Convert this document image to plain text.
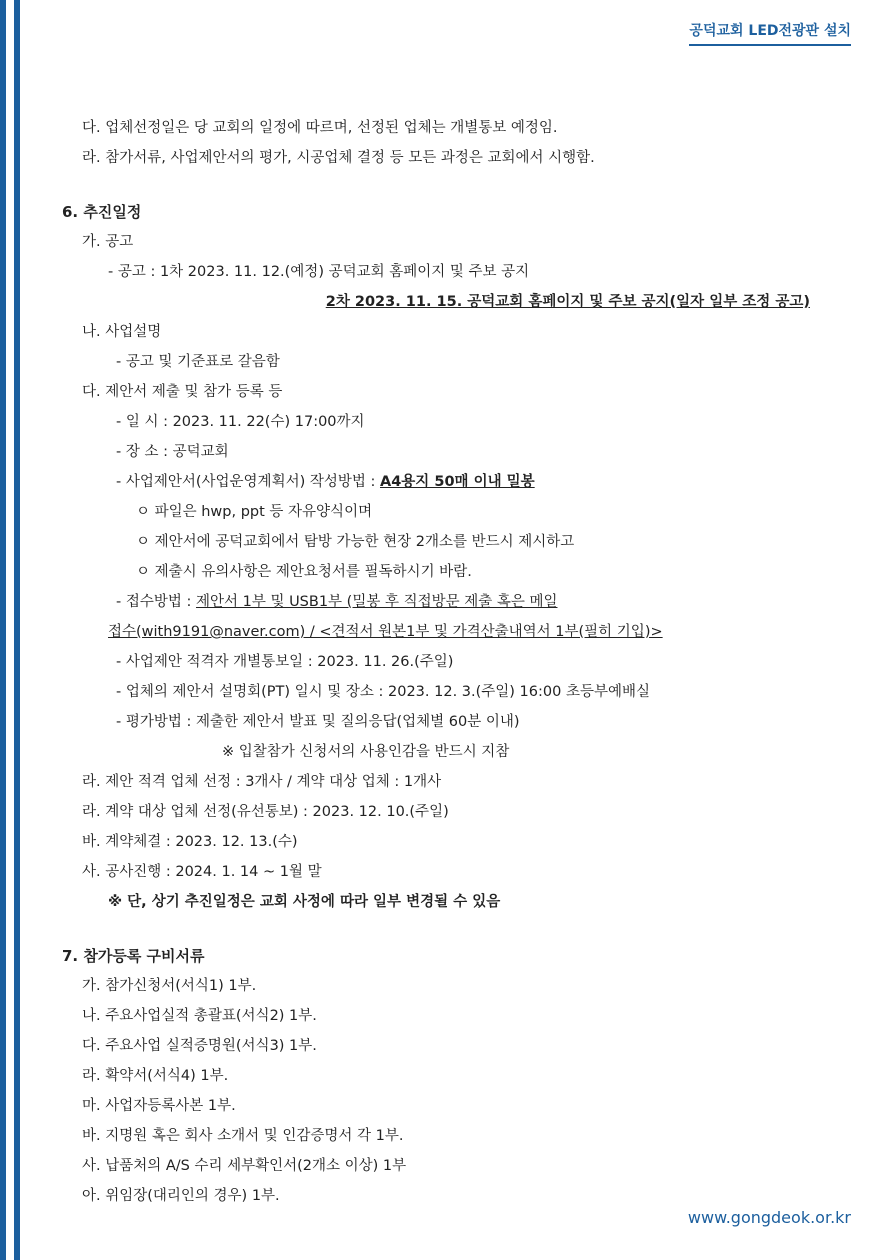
공덕교회 LED전광판 설치
다. 업체선정일은 당 교회의 일정에 따르며, 선정된 업체는 개별통보 예정임.
라. 참가서류, 사업제안서의 평가, 시공업체 결정 등 모든 과정은 교회에서 시행함.
6. 추진일정
가. 공고
- 공고 : 1차 2023. 11. 12.(예정) 공덕교회 홈페이지 및 주보 공지
2차 2023. 11. 15. 공덕교회 홈페이지 및 주보 공지(일자 일부 조정 공고)
나. 사업설명
- 공고 및 기준표로 갈음함
다. 제안서 제출 및 참가 등록 등
- 일 시 : 2023. 11. 22(수) 17:00까지
- 장 소 : 공덕교회
- 사업제안서(사업운영계획서) 작성방법 : A4용지 50매 이내 밀봉
ㅇ 파일은 hwp, ppt 등 자유양식이며
ㅇ 제안서에 공덕교회에서 탐방 가능한 현장 2개소를 반드시 제시하고
ㅇ 제출시 유의사항은 제안요청서를 필독하시기 바람.
- 접수방법 : 제안서 1부 및 USB1부 (밀봉 후 직접방문 제출 혹은 메일
접수(with9191@naver.com) / <견적서 원본1부 및 가격산출내역서 1부(필히 기입)>
- 사업제안 적격자 개별통보일 : 2023. 11. 26.(주일)
- 업체의 제안서 설명회(PT) 일시 및 장소 : 2023. 12. 3.(주일) 16:00 초등부예배실
- 평가방법 : 제출한 제안서 발표 및 질의응답(업체별 60분 이내)
※ 입찰참가 신청서의 사용인감을 반드시 지참
라. 제안 적격 업체 선정 : 3개사 / 계약 대상 업체 : 1개사
라. 계약 대상 업체 선정(유선통보) : 2023. 12. 10.(주일)
바. 계약체결 : 2023. 12. 13.(수)
사. 공사진행 : 2024. 1. 14 ~ 1월 말
※ 단, 상기 추진일정은 교회 사정에 따라 일부 변경될 수 있음
7. 참가등록 구비서류
가. 참가신청서(서식1) 1부.
나. 주요사업실적 총괄표(서식2) 1부.
다. 주요사업 실적증명원(서식3) 1부.
라. 확약서(서식4) 1부.
마. 사업자등록사본 1부.
바. 지명원 혹은 회사 소개서 및 인감증명서 각 1부.
사. 납품처의 A/S 수리 세부확인서(2개소 이상) 1부
아. 위임장(대리인의 경우) 1부.
www.gongdeok.or.kr
